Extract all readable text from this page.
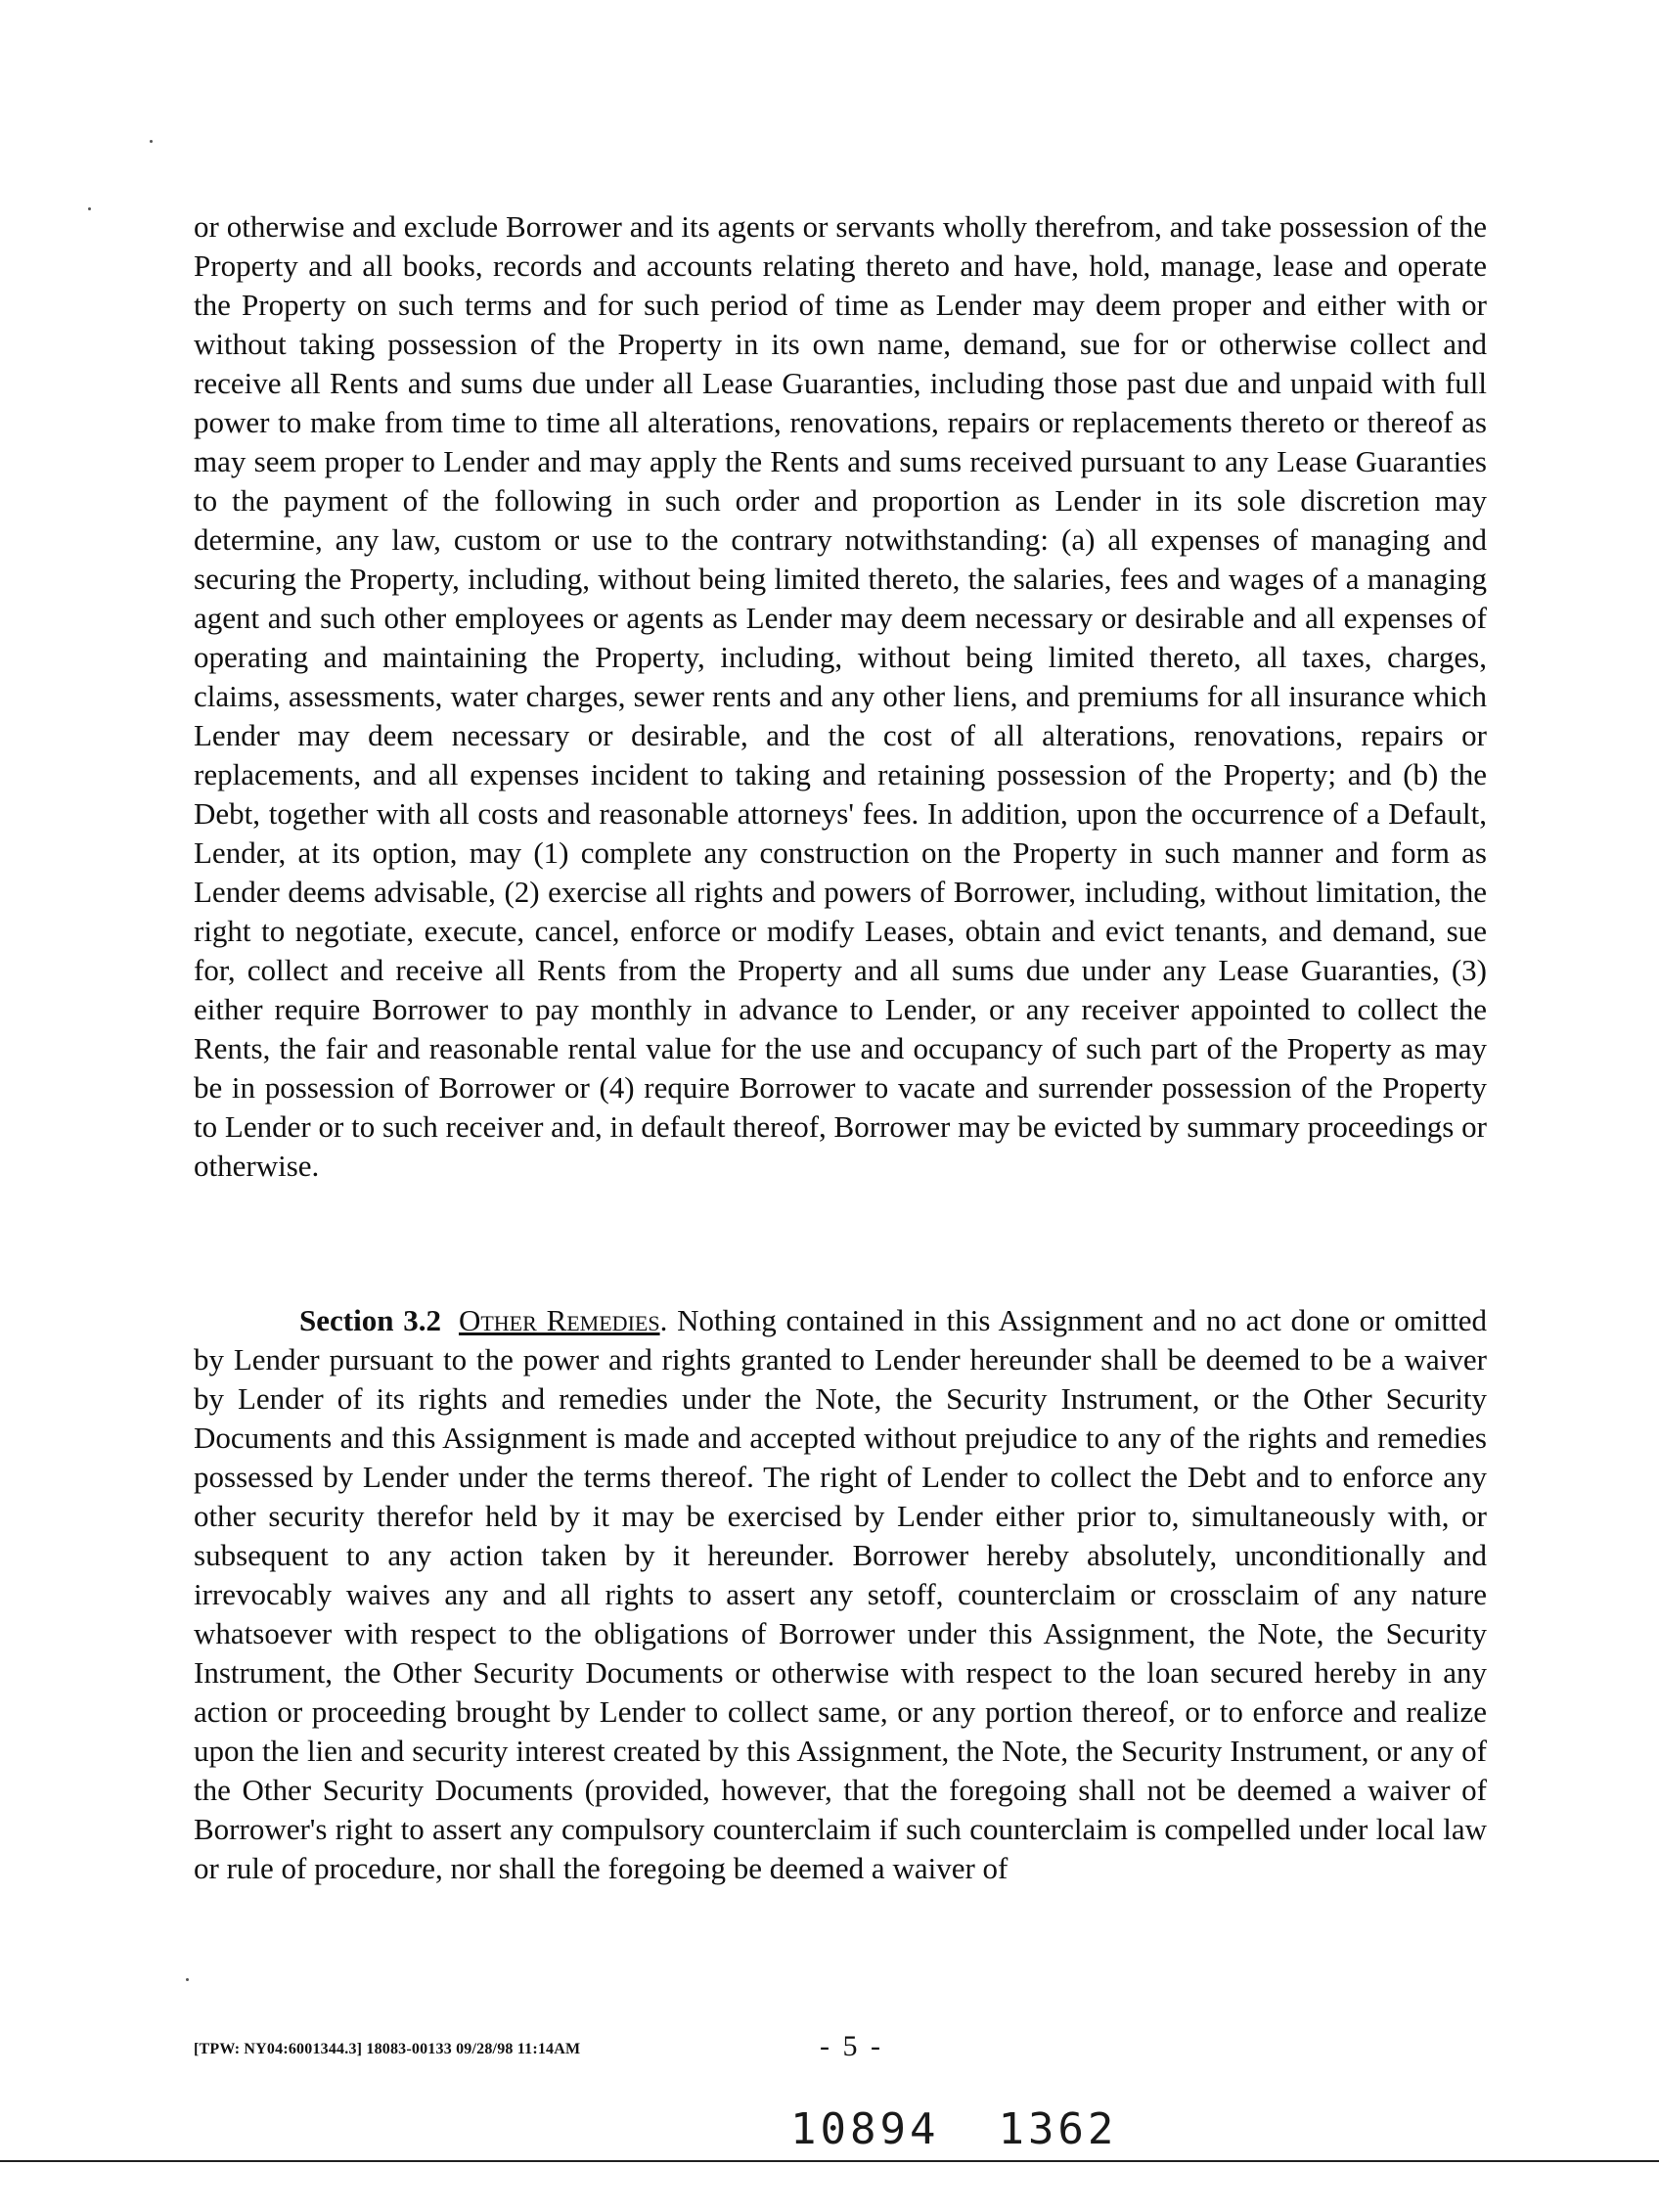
or otherwise and exclude Borrower and its agents or servants wholly therefrom, and take possession of the Property and all books, records and accounts relating thereto and have, hold, manage, lease and operate the Property on such terms and for such period of time as Lender may deem proper and either with or without taking possession of the Property in its own name, demand, sue for or otherwise collect and receive all Rents and sums due under all Lease Guaranties, including those past due and unpaid with full power to make from time to time all alterations, renovations, repairs or replacements thereto or thereof as may seem proper to Lender and may apply the Rents and sums received pursuant to any Lease Guaranties to the payment of the following in such order and proportion as Lender in its sole discretion may determine, any law, custom or use to the contrary notwithstanding: (a) all expenses of managing and securing the Property, including, without being limited thereto, the salaries, fees and wages of a managing agent and such other employees or agents as Lender may deem necessary or desirable and all expenses of operating and maintaining the Property, including, without being limited thereto, all taxes, charges, claims, assessments, water charges, sewer rents and any other liens, and premiums for all insurance which Lender may deem necessary or desirable, and the cost of all alterations, renovations, repairs or replacements, and all expenses incident to taking and retaining possession of the Property; and (b) the Debt, together with all costs and reasonable attorneys' fees. In addition, upon the occurrence of a Default, Lender, at its option, may (1) complete any construction on the Property in such manner and form as Lender deems advisable, (2) exercise all rights and powers of Borrower, including, without limitation, the right to negotiate, execute, cancel, enforce or modify Leases, obtain and evict tenants, and demand, sue for, collect and receive all Rents from the Property and all sums due under any Lease Guaranties, (3) either require Borrower to pay monthly in advance to Lender, or any receiver appointed to collect the Rents, the fair and reasonable rental value for the use and occupancy of such part of the Property as may be in possession of Borrower or (4) require Borrower to vacate and surrender possession of the Property to Lender or to such receiver and, in default thereof, Borrower may be evicted by summary proceedings or otherwise.

Section 3.2 Other Remedies. Nothing contained in this Assignment and no act done or omitted by Lender pursuant to the power and rights granted to Lender hereunder shall be deemed to be a waiver by Lender of its rights and remedies under the Note, the Security Instrument, or the Other Security Documents and this Assignment is made and accepted without prejudice to any of the rights and remedies possessed by Lender under the terms thereof. The right of Lender to collect the Debt and to enforce any other security therefor held by it may be exercised by Lender either prior to, simultaneously with, or subsequent to any action taken by it hereunder. Borrower hereby absolutely, unconditionally and irrevocably waives any and all rights to assert any setoff, counterclaim or crossclaim of any nature whatsoever with respect to the obligations of Borrower under this Assignment, the Note, the Security Instrument, the Other Security Documents or otherwise with respect to the loan secured hereby in any action or proceeding brought by Lender to collect same, or any portion thereof, or to enforce and realize upon the lien and security interest created by this Assignment, the Note, the Security Instrument, or any of the Other Security Documents (provided, however, that the foregoing shall not be deemed a waiver of Borrower's right to assert any compulsory counterclaim if such counterclaim is compelled under local law or rule of procedure, nor shall the foregoing be deemed a waiver of

[TPW: NY04:6001344.3] 18083-00133 09/28/98 11:14AM	- 5 -
10894 1362
